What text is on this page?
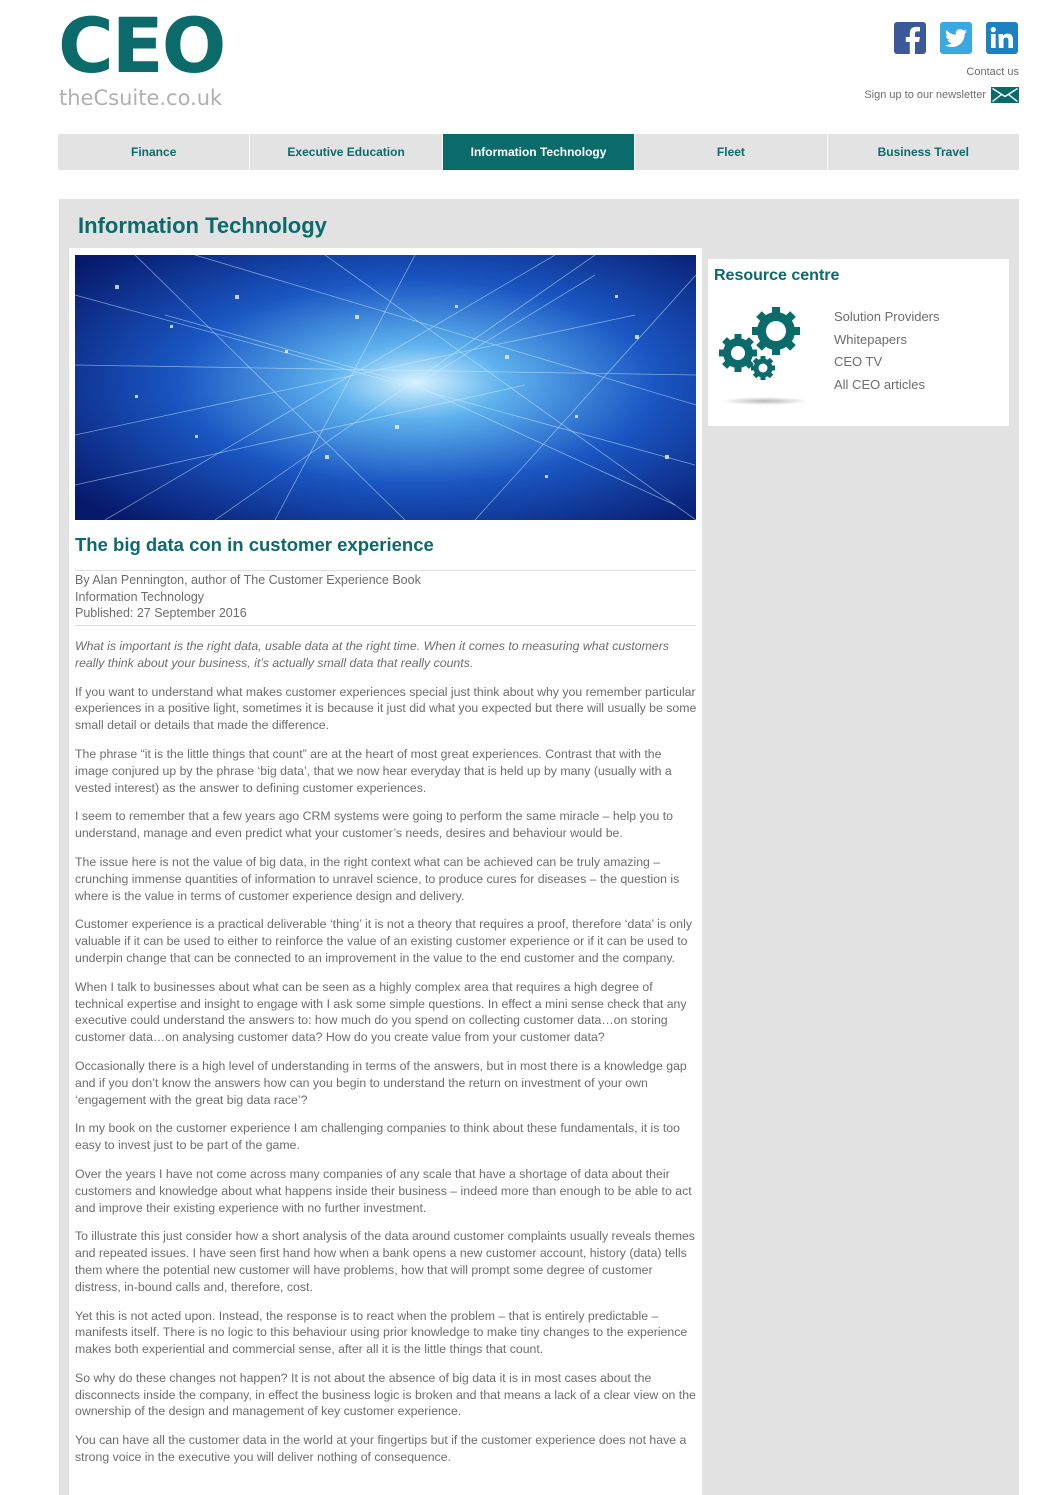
CEO
theCsuite.co.uk
Contact us
Sign up to our newsletter
Finance	Executive Education	Information Technology	Fleet	Business Travel
Information Technology
The big data con in customer experience
By Alan Pennington, author of The Customer Experience Book
Information Technology
Published: 27 September 2016

What is important is the right data, usable data at the right time. When it comes to measuring what customers really think about your business, it’s actually small data that really counts.

If you want to understand what makes customer experiences special just think about why you remember particular experiences in a positive light, sometimes it is because it just did what you expected but there will usually be some small detail or details that made the difference.

The phrase “it is the little things that count” are at the heart of most great experiences. Contrast that with the image conjured up by the phrase ‘big data’, that we now hear everyday that is held up by many (usually with a vested interest) as the answer to defining customer experiences.

I seem to remember that a few years ago CRM systems were going to perform the same miracle – help you to understand, manage and even predict what your customer’s needs, desires and behaviour would be.

The issue here is not the value of big data, in the right context what can be achieved can be truly amazing – crunching immense quantities of information to unravel science, to produce cures for diseases – the question is where is the value in terms of customer experience design and delivery.

Customer experience is a practical deliverable ‘thing’ it is not a theory that requires a proof, therefore ‘data’ is only valuable if it can be used to either to reinforce the value of an existing customer experience or if it can be used to underpin change that can be connected to an improvement in the value to the end customer and the company.

When I talk to businesses about what can be seen as a highly complex area that requires a high degree of technical expertise and insight to engage with I ask some simple questions. In effect a mini sense check that any executive could understand the answers to: how much do you spend on collecting customer data…on storing customer data…on analysing customer data? How do you create value from your customer data?

Occasionally there is a high level of understanding in terms of the answers, but in most there is a knowledge gap and if you don’t know the answers how can you begin to understand the return on investment of your own ‘engagement with the great big data race’?

In my book on the customer experience I am challenging companies to think about these fundamentals, it is too easy to invest just to be part of the game.

Over the years I have not come across many companies of any scale that have a shortage of data about their customers and knowledge about what happens inside their business – indeed more than enough to be able to act and improve their existing experience with no further investment.

To illustrate this just consider how a short analysis of the data around customer complaints usually reveals themes and repeated issues. I have seen first hand how when a bank opens a new customer account, history (data) tells them where the potential new customer will have problems, how that will prompt some degree of customer distress, in-bound calls and, therefore, cost.

Yet this is not acted upon. Instead, the response is to react when the problem – that is entirely predictable – manifests itself. There is no logic to this behaviour using prior knowledge to make tiny changes to the experience makes both experiential and commercial sense, after all it is the little things that count.

So why do these changes not happen? It is not about the absence of big data it is in most cases about the disconnects inside the company, in effect the business logic is broken and that means a lack of a clear view on the ownership of the design and management of key customer experience.

You can have all the customer data in the world at your fingertips but if the customer experience does not have a strong voice in the executive you will deliver nothing of consequence.

Resource centre
Solution Providers
Whitepapers
CEO TV
All CEO articles
